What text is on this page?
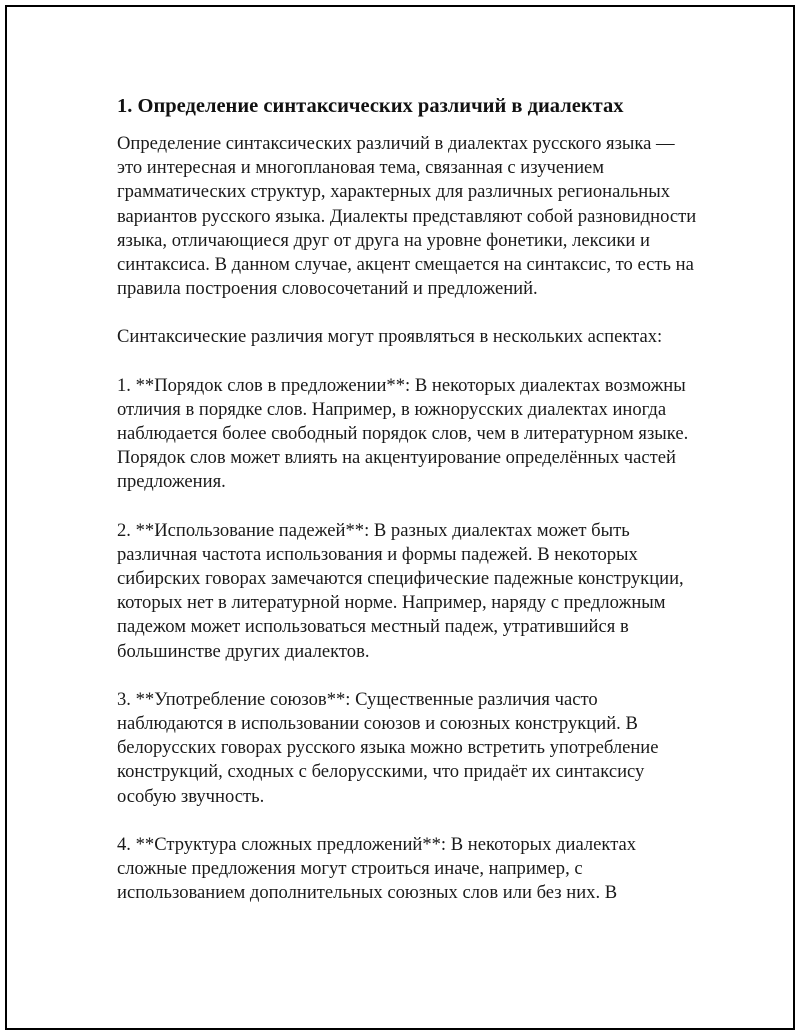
1. Определение синтаксических различий в диалектах

Определение синтаксических различий в диалектах русского языка — это интересная и многоплановая тема, связанная с изучением грамматических структур, характерных для различных региональных вариантов русского языка. Диалекты представляют собой разновидности языка, отличающиеся друг от друга на уровне фонетики, лексики и синтаксиса. В данном случае, акцент смещается на синтаксис, то есть на правила построения словосочетаний и предложений.

Синтаксические различия могут проявляться в нескольких аспектах:

1. **Порядок слов в предложении**: В некоторых диалектах возможны отличия в порядке слов. Например, в южнорусских диалектах иногда наблюдается более свободный порядок слов, чем в литературном языке. Порядок слов может влиять на акцентуирование определённых частей предложения.

2. **Использование падежей**: В разных диалектах может быть различная частота использования и формы падежей. В некоторых сибирских говорах замечаются специфические падежные конструкции, которых нет в литературной норме. Например, наряду с предложным падежом может использоваться местный падеж, утратившийся в большинстве других диалектов.

3. **Употребление союзов**: Существенные различия часто наблюдаются в использовании союзов и союзных конструкций. В белорусских говорах русского языка можно встретить употребление конструкций, сходных с белорусскими, что придаёт их синтаксису особую звучность.

4. **Структура сложных предложений**: В некоторых диалектах сложные предложения могут строиться иначе, например, с использованием дополнительных союзных слов или без них. В
